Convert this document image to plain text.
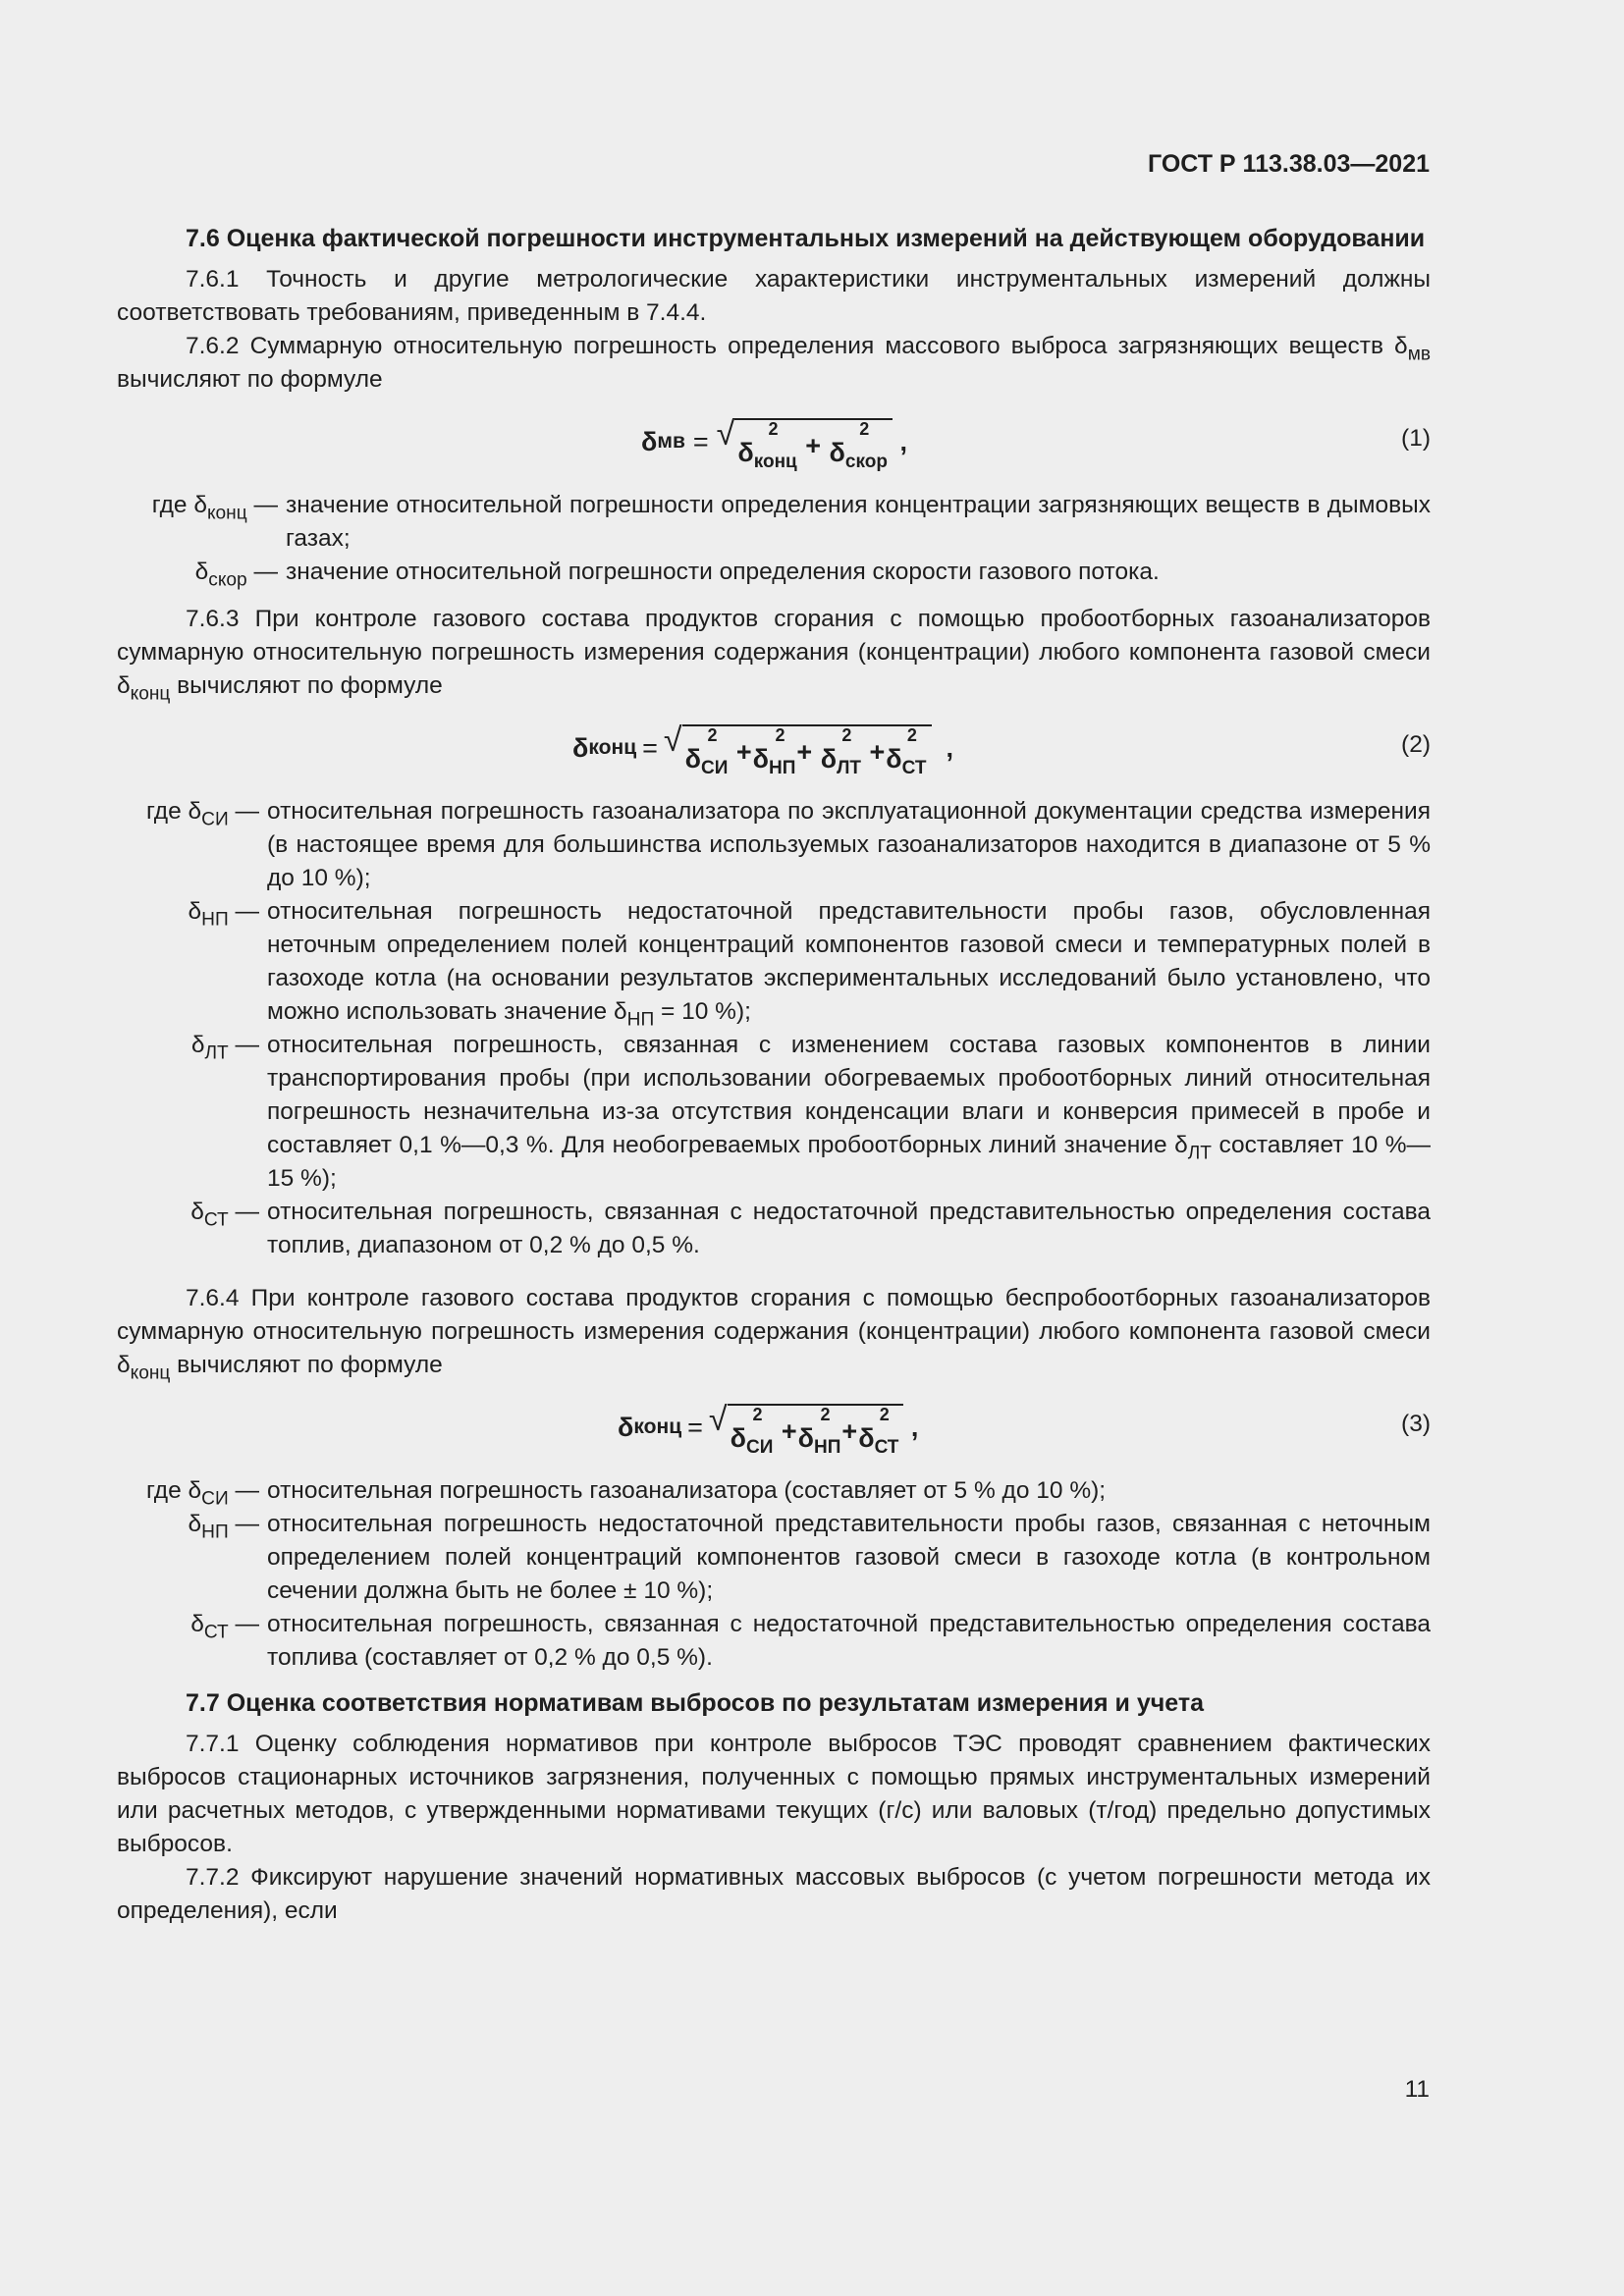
ГОСТ Р 113.38.03—2021
7.6 Оценка фактической погрешности инструментальных измерений на действующем оборудовании

7.6.1 Точность и другие метрологические характеристики инструментальных измерений должны соответствовать требованиям, приведенным в 7.4.4.

7.6.2 Суммарную относительную погрешность определения массового выброса загрязняющих веществ $\delta_{мв}$ вычисляют по формуле

δ мв = √ 2
δ конц
+
2
δ скор
,	(1)
где $\delta_{конц}$ — значение относительной погрешности определения концентрации загрязняющих веществ в дымовых газах;
$\delta_{скор}$ — значение относительной погрешности определения скорости газового потока.

7.6.3 При контроле газового состава продуктов сгорания с помощью пробоотборных газоанализаторов суммарную относительную погрешность измерения содержания (концентрации) любого компонента газовой смеси $\delta_{конц}$ вычисляют по формуле

δ конц = √ 2
δ СИ
+
2
δ НП
+
2
δ ЛТ
+
2
δ СТ
,	(2)
где $\delta_{СИ}$ — относительная погрешность газоанализатора по эксплуатационной документации средства измерения (в настоящее время для большинства используемых газоанализаторов находится в диапазоне от 5 % до 10 %);
$\delta_{НП}$ — относительная погрешность недостаточной представительности пробы газов, обусловленная неточным определением полей концентраций компонентов газовой смеси и температурных полей в газоходе котла (на основании результатов экспериментальных исследований было установлено, что можно использовать значение $\delta_{НП} = 10$ %);
$\delta_{ЛТ}$ — относительная погрешность, связанная с изменением состава газовых компонентов в линии транспортирования пробы (при использовании обогреваемых пробоотборных линий относительная погрешность незначительна из-за отсутствия конденсации влаги и конверсия примесей в пробе и составляет 0,1 %—0,3 %. Для необогреваемых пробоотборных линий значение $\delta_{ЛТ}$ составляет 10 %—15 %);
$\delta_{СТ}$ — относительная погрешность, связанная с недостаточной представительностью определения состава топлив, диапазоном от 0,2 % до 0,5 %.

7.6.4 При контроле газового состава продуктов сгорания с помощью беспробоотборных газоанализаторов суммарную относительную погрешность измерения содержания (концентрации) любого компонента газовой смеси $\delta_{конц}$ вычисляют по формуле

δ конц = √ 2
δ СИ
+
2
δ НП
+
2
δ СТ
,	(3)
где $\delta_{СИ}$ — относительная погрешность газоанализатора (составляет от 5 % до 10 %);
$\delta_{НП}$ — относительная погрешность недостаточной представительности пробы газов, связанная с неточным определением полей концентраций компонентов газовой смеси в газоходе котла (в контрольном сечении должна быть не более ± 10 %);
$\delta_{СТ}$ — относительная погрешность, связанная с недостаточной представительностью определения состава топлива (составляет от 0,2 % до 0,5 %).
7.7 Оценка соответствия нормативам выбросов по результатам измерения и учета

7.7.1 Оценку соблюдения нормативов при контроле выбросов ТЭС проводят сравнением фактических выбросов стационарных источников загрязнения, полученных с помощью прямых инструментальных измерений или расчетных методов, с утвержденными нормативами текущих (г/с) или валовых (т/год) предельно допустимых выбросов.

7.7.2 Фиксируют нарушение значений нормативных массовых выбросов (с учетом погрешности метода их определения), если

11
